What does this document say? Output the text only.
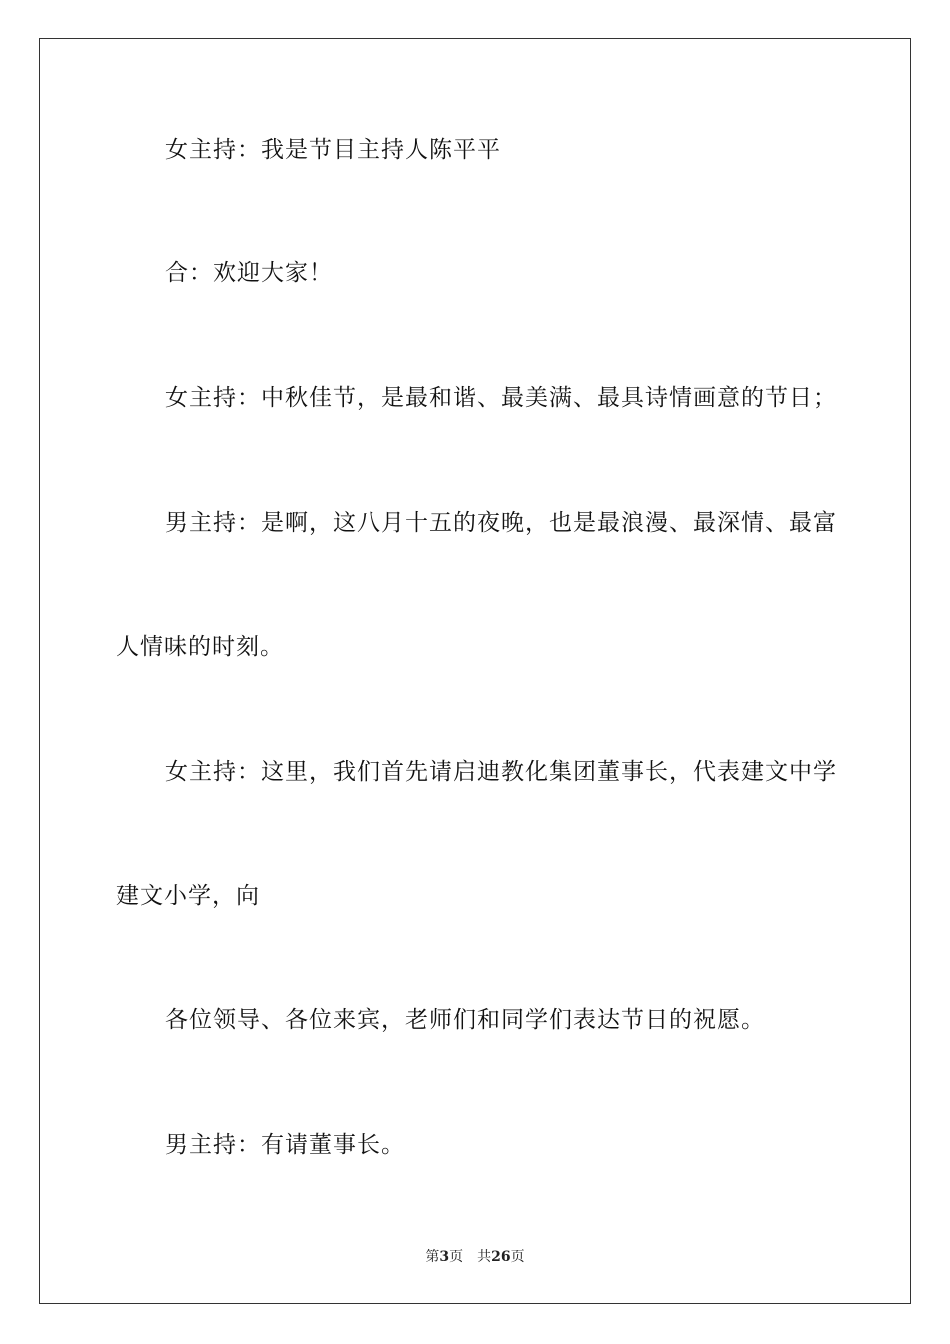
女主持：我是节目主持人陈平平
合：欢迎大家！
女主持：中秋佳节，是最和谐、最美满、最具诗情画意的节日；
男主持：是啊，这八月十五的夜晚，也是最浪漫、最深情、最富
人情味的时刻。
女主持：这里，我们首先请启迪教化集团董事长，代表建文中学
建文小学，向
各位领导、各位来宾，老师们和同学们表达节日的祝愿。
男主持：有请董事长。
第3页 共26页
